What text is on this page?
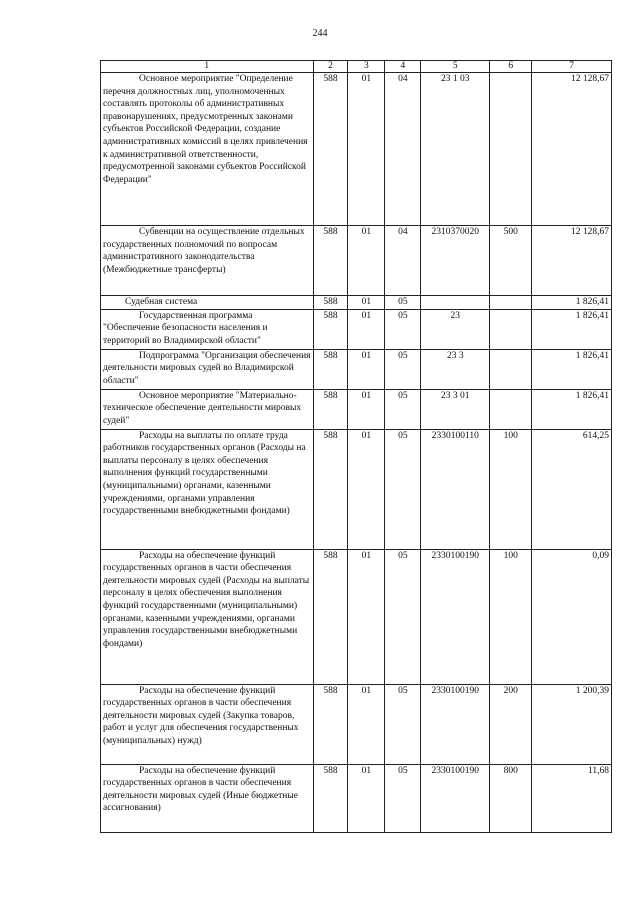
244
1	2	3	4	5	6	7
Основное мероприятие "Определение перечня должностных лиц, уполномоченных составлять протоколы об административных правонарушениях, предусмотренных законами субъектов Российской Федерации, создание административных комиссий в целях привлечения к административной ответственности, предусмотренной законами субъектов Российской Федерации"	588	01	04	23 1 03		12 128,67
Субвенции на осуществление отдельных государственных полномочий по вопросам административного законодательства (Межбюджетные трансферты)	588	01	04	2310370020	500	12 128,67
Судебная система	588	01	05			1 826,41
Государственная программа "Обеспечение безопасности населения и территорий во Владимирской области"	588	01	05	23		1 826,41
Подпрограмма "Организация обеспечения деятельности мировых судей во Владимирской области"	588	01	05	23 3		1 826,41
Основное мероприятие "Материально-техническое обеспечение деятельности мировых судей"	588	01	05	23 3 01		1 826,41
Расходы на выплаты по оплате труда работников государственных органов (Расходы на выплаты персоналу в целях обеспечения выполнения функций государственными (муниципальными) органами, казенными учреждениями, органами управления государственными внебюджетными фондами)	588	01	05	2330100110	100	614,25
Расходы на обеспечение функций государственных органов в части обеспечения деятельности мировых судей (Расходы на выплаты персоналу в целях обеспечения выполнения функций государственными (муниципальными) органами, казенными учреждениями, органами управления государственными внебюджетными фондами)	588	01	05	2330100190	100	0,09
Расходы на обеспечение функций государственных органов в части обеспечения деятельности мировых судей (Закупка товаров, работ и услуг для обеспечения государственных (муниципальных) нужд)	588	01	05	2330100190	200	1 200,39
Расходы на обеспечение функций государственных органов в части обеспечения деятельности мировых судей (Иные бюджетные ассигнования)	588	01	05	2330100190	800	11,68
